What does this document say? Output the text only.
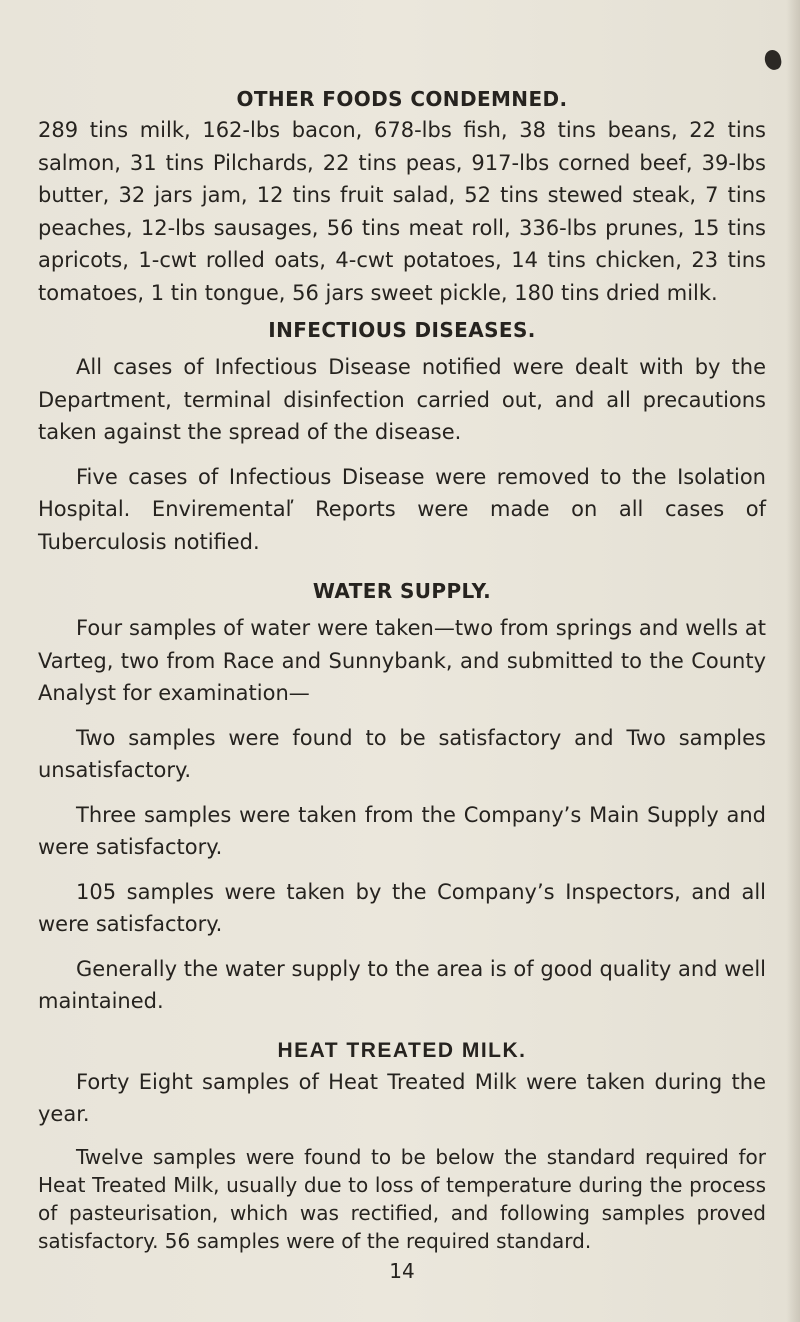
OTHER FOODS CONDEMNED.

289 tins milk, 162-lbs bacon, 678-lbs fish, 38 tins beans, 22 tins salmon, 31 tins Pilchards, 22 tins peas, 917-lbs corned beef, 39-lbs butter, 32 jars jam, 12 tins fruit salad, 52 tins stewed steak, 7 tins peaches, 12-lbs sausages, 56 tins meat roll, 336-lbs prunes, 15 tins apricots, 1-cwt rolled oats, 4-cwt potatoes, 14 tins chicken, 23 tins tomatoes, 1 tin tongue, 56 jars sweet pickle, 180 tins dried milk.

INFECTIOUS DISEASES.

All cases of Infectious Disease notified were dealt with by the Department, terminal disinfection carried out, and all precautions taken against the spread of the disease.

Five cases of Infectious Disease were removed to the Isolation Hospital. Envirementaľ Reports were made on all cases of Tuberculosis notified.

WATER SUPPLY.

Four samples of water were taken—two from springs and wells at Varteg, two from Race and Sunnybank, and submitted to the County Analyst for examination—

Two samples were found to be satisfactory and Two samples unsatisfactory.

Three samples were taken from the Company’s Main Supply and were satisfactory.

105 samples were taken by the Company’s Inspectors, and all were satisfactory.

Generally the water supply to the area is of good quality and well maintained.

HEAT TREATED MILK.

Forty Eight samples of Heat Treated Milk were taken during the year.

Twelve samples were found to be below the standard required for Heat Treated Milk, usually due to loss of temperature during the process of pasteurisation, which was rectified, and following samples proved satisfactory. 56 samples were of the required standard.

14
